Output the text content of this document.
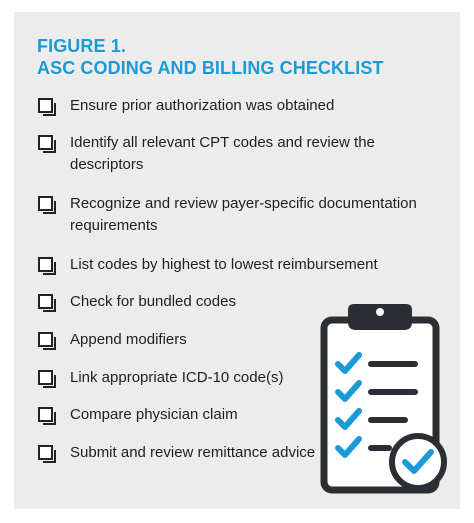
FIGURE 1.
ASC CODING AND BILLING CHECKLIST
Ensure prior authorization was obtained
Identify all relevant CPT codes and review the descriptors
Recognize and review payer-specific documentation requirements
List codes by highest to lowest reimbursement
Check for bundled codes
Append modifiers
Link appropriate ICD-10 code(s)
Compare physician claim
Submit and review remittance advice
